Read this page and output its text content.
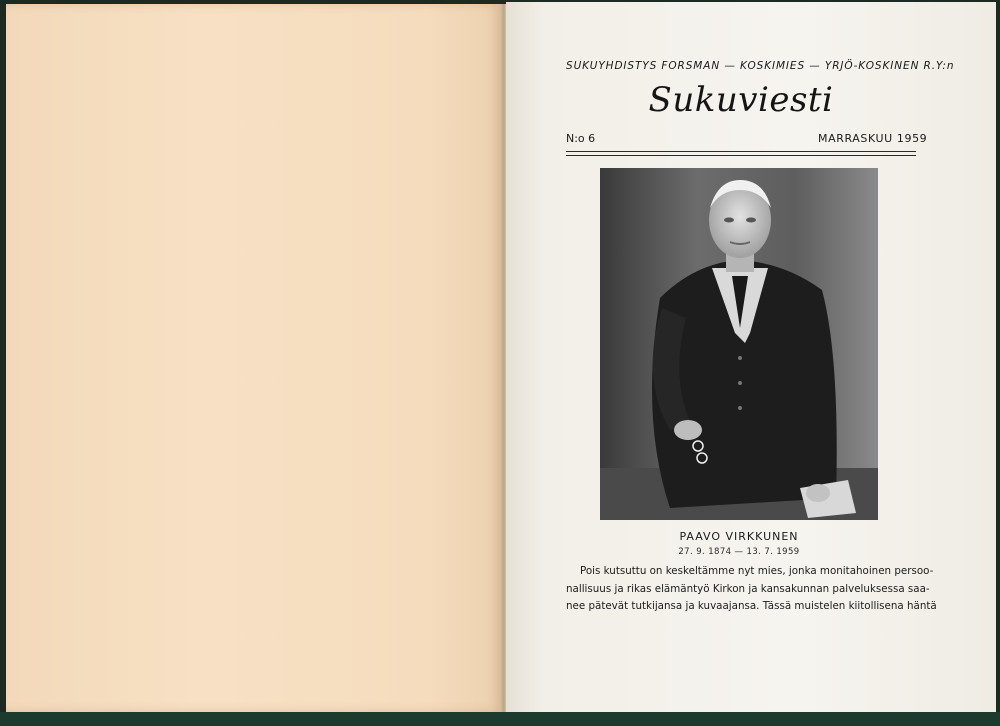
SUKUYHDISTYS FORSMAN — KOSKIMIES — YRJÖ-KOSKINEN R.Y:n
Sukuviesti
N:o 6	MARRASKUU 1959
PAAVO VIRKKUNEN
27. 9. 1874 — 13. 7. 1959
Pois kutsuttu on keskeltämme nyt mies, jonka monitahoinen persoo-
nallisuus ja rikas elämäntyö Kirkon ja kansakunnan palveluksessa saa-
nee pätevät tutkijansa ja kuvaajansa. Tässä muistelen kiitollisena häntä
